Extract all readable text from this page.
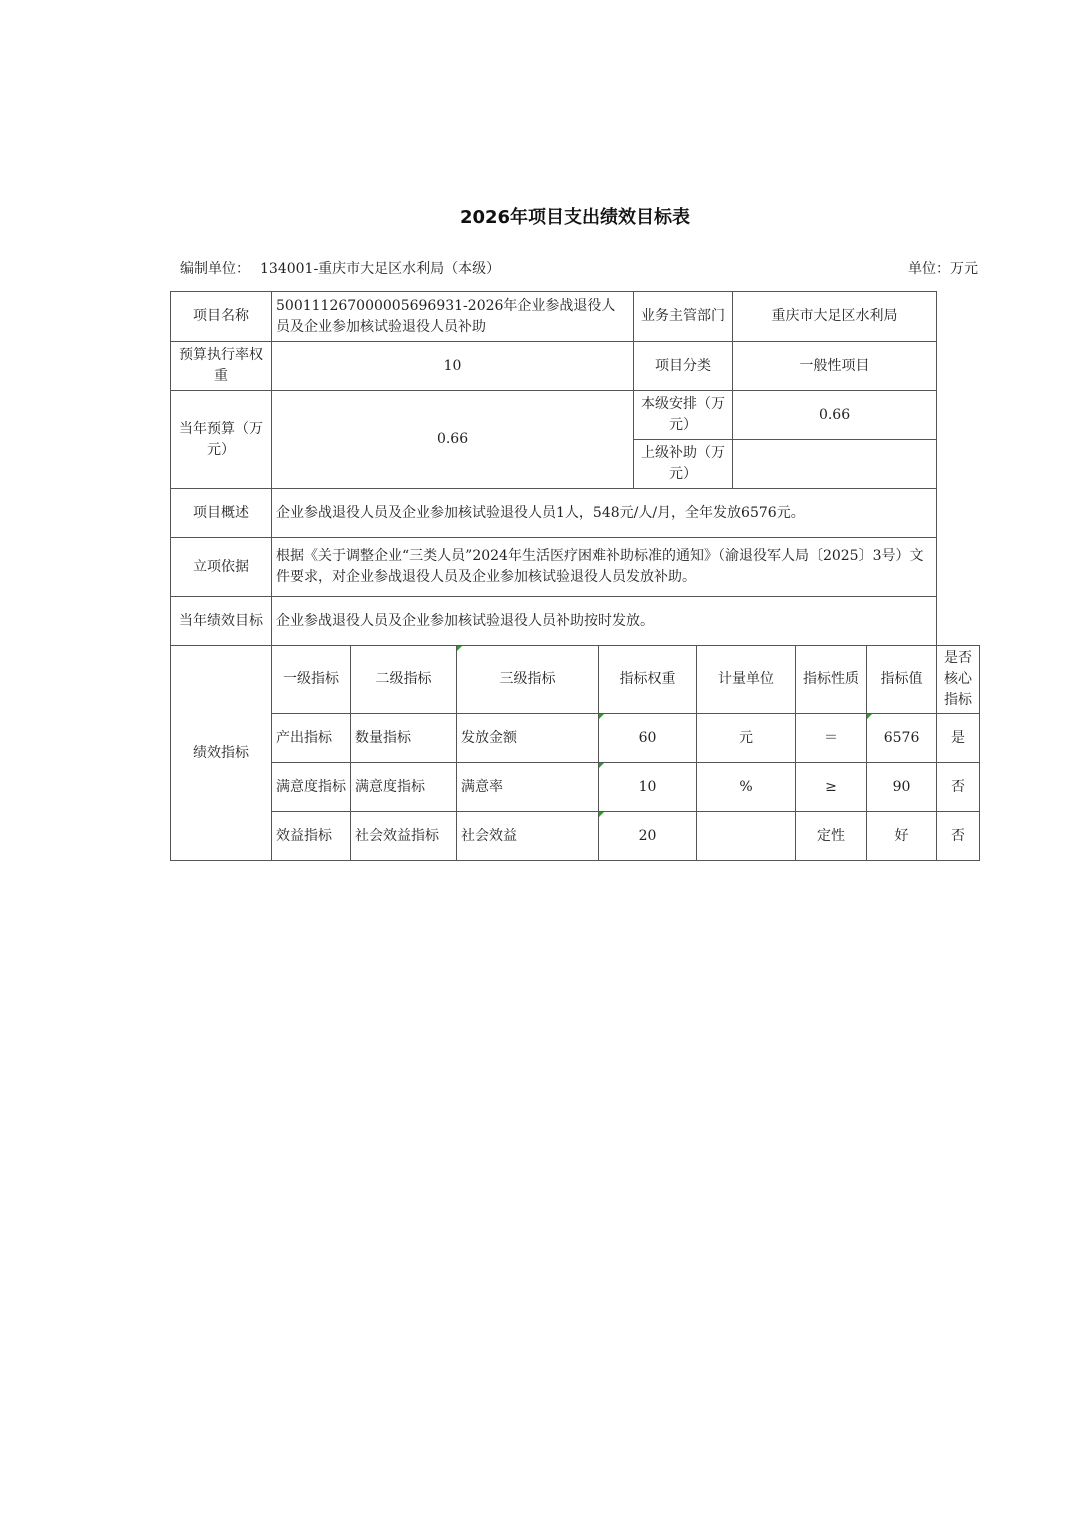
2026年项目支出绩效目标表
编制单位： 134001-重庆市大足区水利局（本级）	单位：万元
项目名称	500111267000005696931-2026年企业参战退役人员及企业参加核试验退役人员补助				业务主管部门		重庆市大足区水利局			
预算执行率权重	10				项目分类		一般性项目			
当年预算（万元）	0.66				本级安排（万元）		0.66			
					上级补助（万元）					
项目概述	企业参战退役人员及企业参加核试验退役人员1人，548元/人/月，全年发放6576元。									
立项依据	根据《关于调整企业“三类人员”2024年生活医疗困难补助标准的通知》（渝退役军人局〔2025〕3号）文件要求，对企业参战退役人员及企业参加核试验退役人员发放补助。									
当年绩效目标	企业参战退役人员及企业参加核试验退役人员补助按时发放。									
绩效指标	一级指标	二级指标	三级指标	指标权重		计量单位		指标性质	指标值	是否核心指标
	产出指标	数量指标	发放金额	60		元		＝	6576	是
	满意度指标	满意度指标	满意率	10		%		≥	90	否
	效益指标	社会效益指标	社会效益	20				定性	好	否
